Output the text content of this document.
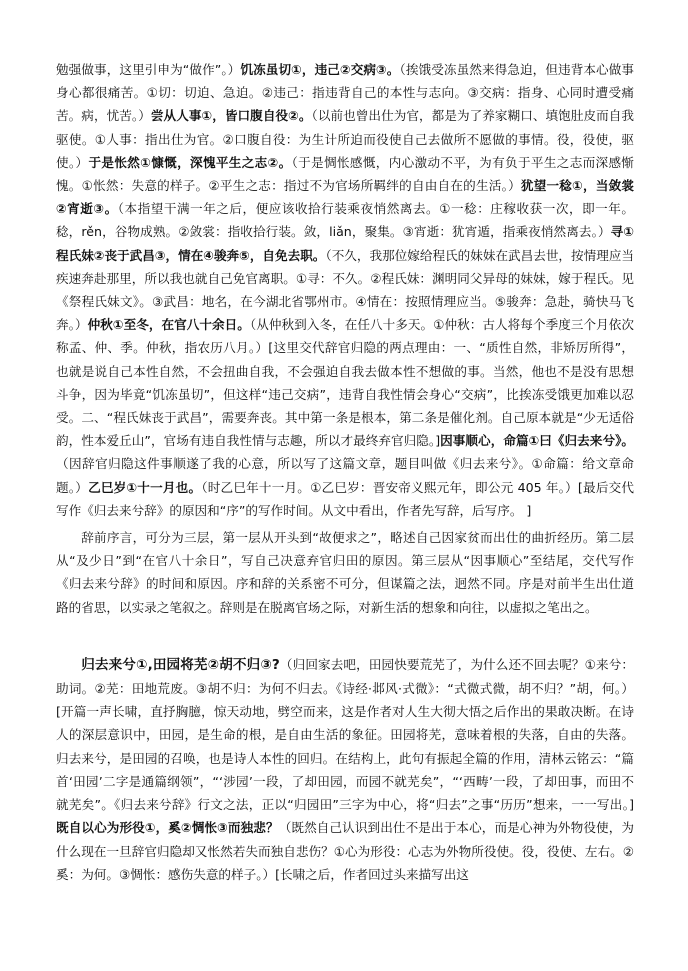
勉强做事，这里引申为“做作”。）饥冻虽切①，违己②交病③。（挨饿受冻虽然来得急迫，但违背本心做事身心都很痛苦。①切：切迫、急迫。②违己：指违背自己的本性与志向。③交病：指身、心同时遭受痛苦。病，忧苦。）尝从人事①，皆口腹自役②。（以前也曾出仕为官，都是为了养家糊口、填饱肚皮而自我驱使。①人事：指出仕为官。②口腹自役：为生计所迫而役使自己去做所不愿做的事情。役，役使，驱使。）于是怅然①慷慨，深愧平生之志②。（于是惆怅感慨，内心激动不平，为有负于平生之志而深感惭愧。①怅然：失意的样子。②平生之志：指过不为官场所羁绊的自由自在的生活。）犹望一稔①，当敛裳②宵逝③。（本指望干满一年之后，便应该收拾行装乘夜悄然离去。①一稔：庄稼收获一次，即一年。稔，rěn，谷物成熟。②敛裳：指收拾行装。敛，liǎn，聚集。③宵逝：犹宵遁，指乘夜悄然离去。）寻①程氏妹②丧于武昌③，情在④骏奔⑤，自免去职。（不久，我那位嫁给程氏的妹妹在武昌去世，按情理应当疾速奔赴那里，所以我也就自己免官离职。①寻：不久。②程氏妹：渊明同父异母的妹妹，嫁于程氏。见《祭程氏妹文》。③武昌：地名，在今湖北省鄂州市。④情在：按照情理应当。⑤骏奔：急赴，骑快马飞奔。）仲秋①至冬，在官八十余日。（从仲秋到入冬，在任八十多天。①仲秋：古人将每个季度三个月依次称孟、仲、季。仲秋，指农历八月。）[这里交代辞官归隐的两点理由：一、“质性自然，非矫厉所得”，也就是说自己本性自然，不会扭曲自我，不会强迫自我去做本性不想做的事。当然，他也不是没有思想斗争，因为毕竟“饥冻虽切”，但这样“违己交病”，违背自我性情会身心“交病”，比挨冻受饿更加难以忍受。二、“程氏妹丧于武昌”，需要奔丧。其中第一条是根本，第二条是催化剂。自己原本就是“少无适俗韵，性本爱丘山”，官场有违自我性情与志趣，所以才最终弃官归隐。]因事顺心，命篇①曰《归去来兮》。（因辞官归隐这件事顺遂了我的心意，所以写了这篇文章，题目叫做《归去来兮》。①命篇：给文章命题。）乙巳岁①十一月也。（时乙巳年十一月。①乙巳岁：晋安帝义熙元年，即公元 405 年。）[最后交代写作《归去来兮辞》的原因和“序”的写作时间。从文中看出，作者先写辞，后写序。 ]

辞前序言，可分为三层，第一层从开头到“故便求之”，略述自己因家贫而出仕的曲折经历。第二层从“及少日”到“在官八十余日”，写自己决意弃官归田的原因。第三层从“因事顺心”至结尾，交代写作《归去来兮辞》的时间和原因。序和辞的关系密不可分，但谋篇之法，迥然不同。序是对前半生出仕道路的省思，以实录之笔叙之。辞则是在脱离官场之际，对新生活的想象和向往，以虚拟之笔出之。

归去来兮①,田园将芜②胡不归③?（归回家去吧，田园快要荒芜了，为什么还不回去呢？①来兮：助词。②芜：田地荒废。③胡不归：为何不归去。《诗经·邶风·式微》：“式微式微，胡不归？”胡，何。）[开篇一声长啸，直抒胸臆，惊天动地，劈空而来，这是作者对人生大彻大悟之后作出的果敢决断。在诗人的深层意识中，田园，是生命的根，是自由生活的象征。田园将芜，意味着根的失落，自由的失落。归去来兮，是田园的召唤，也是诗人本性的回归。在结构上，此句有振起全篇的作用，清林云铭云：“篇首‘田园’二字是通篇纲领”，“‘涉园’一段，了却田园，而园不就芜矣”，“‘西畴’一段，了却田事，而田不就芜矣”。《归去来兮辞》行文之法，正以“归园田”三字为中心，将“归去”之事“历历”想来，一一写出。]既自以心为形役①，奚②惆怅③而独悲？（既然自己认识到出仕不是出于本心，而是心神为外物役使，为什么现在一旦辞官归隐却又怅然若失而独自悲伤？①心为形役：心志为外物所役使。役，役使、左右。②奚：为何。③惆怅：感伤失意的样子。）[长啸之后，作者回过头来描写出这
